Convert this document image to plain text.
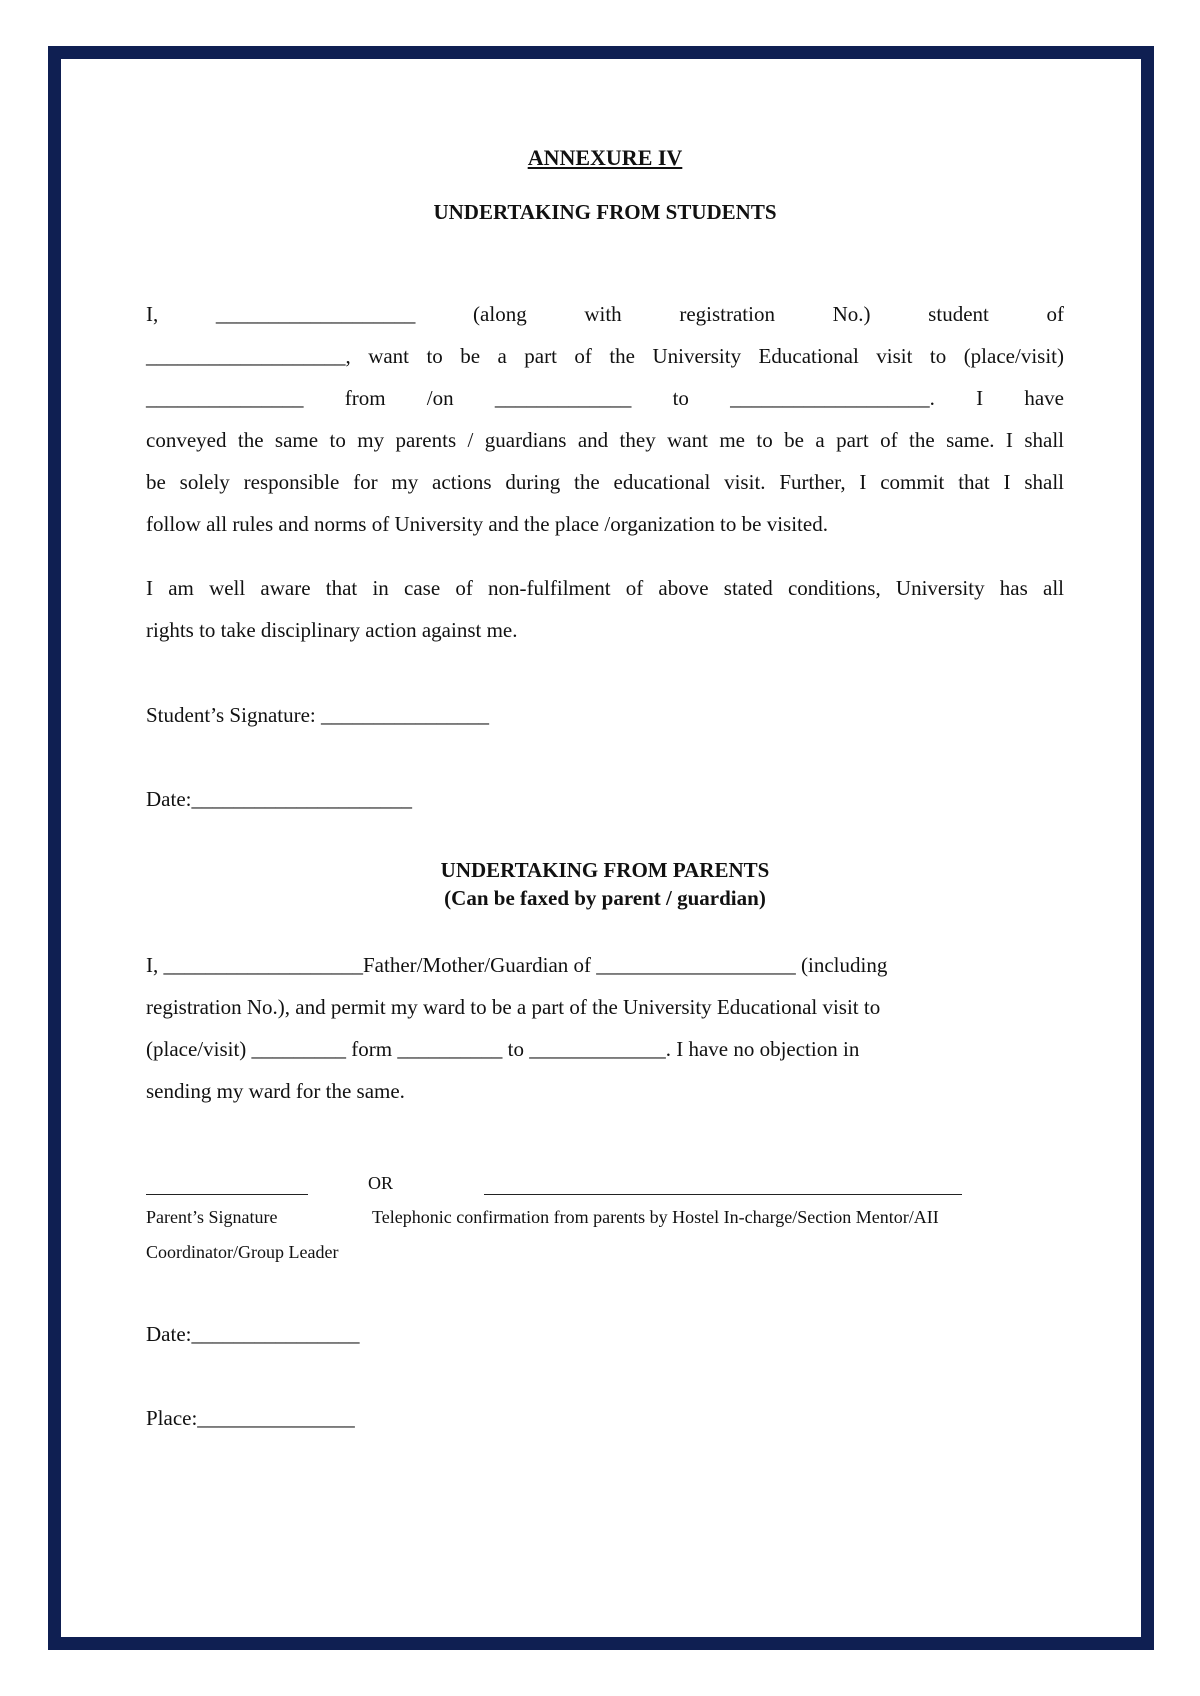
ANNEXURE IV
UNDERTAKING FROM STUDENTS
I, ___________________ (along with registration No.) student of
___________________, want to be a part of the University Educational visit to (place/visit)
_______________ from /on _____________ to ___________________. I have
conveyed the same to my parents / guardians and they want me to be a part of the same. I shall
be solely responsible for my actions during the educational visit. Further, I commit that I shall
follow all rules and norms of University and the place /organization to be visited.
I am well aware that in case of non-fulfilment of above stated conditions, University has all
rights to take disciplinary action against me.
Student’s Signature: ________________
Date:_____________________
UNDERTAKING FROM PARENTS
(Can be faxed by parent / guardian)
I, ___________________Father/Mother/Guardian of ___________________ (including
registration No.), and permit my ward to be a part of the University Educational visit to
(place/visit) _________ form __________ to _____________. I have no objection in
sending my ward for the same.
OR
Parent’s Signature	Telephonic confirmation from parents by Hostel In-charge/Section Mentor/AII
Coordinator/Group Leader
Date:________________
Place:_______________
